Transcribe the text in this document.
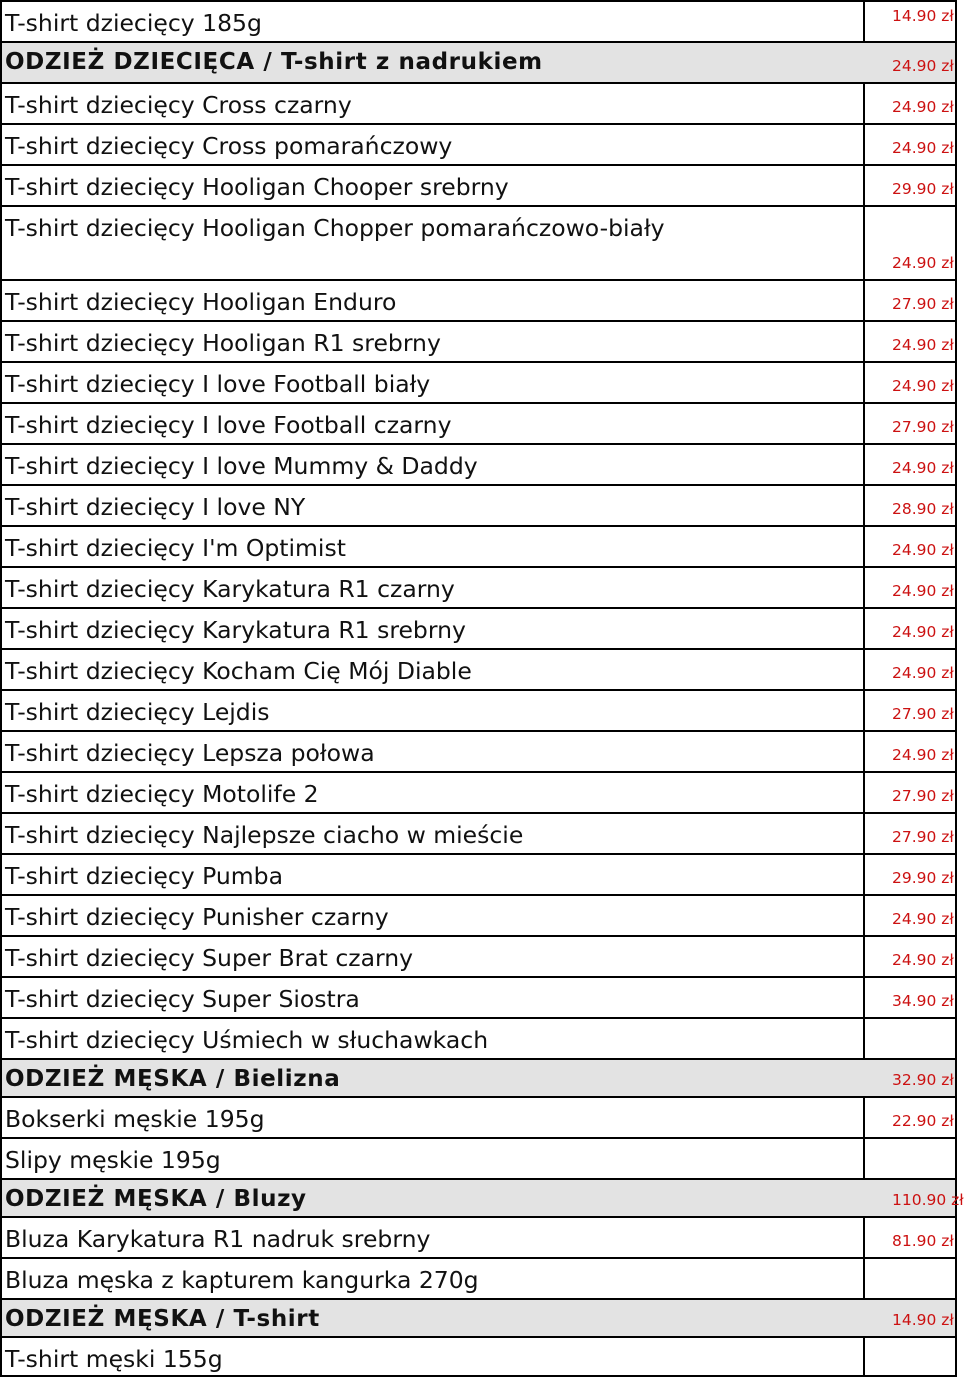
T-shirt dziecięcy 185g	14.90 zł
ODZIEŻ DZIECIĘCA / T-shirt z nadrukiem
T-shirt dziecięcy Cross czarny
24.90 zł
T-shirt dziecięcy Cross pomarańczowy
24.90 zł
T-shirt dziecięcy Hooligan Chooper srebrny
24.90 zł
T-shirt dziecięcy Hooligan Chopper pomarańczowo-biały
29.90 zł
T-shirt dziecięcy Hooligan Enduro
24.90 zł
T-shirt dziecięcy Hooligan R1 srebrny
27.90 zł
T-shirt dziecięcy I love Football biały
24.90 zł
T-shirt dziecięcy I love Football czarny
24.90 zł
T-shirt dziecięcy I love Mummy & Daddy
27.90 zł
T-shirt dziecięcy I love NY
24.90 zł
T-shirt dziecięcy I'm Optimist
28.90 zł
T-shirt dziecięcy Karykatura R1 czarny
24.90 zł
T-shirt dziecięcy Karykatura R1 srebrny
24.90 zł
T-shirt dziecięcy Kocham Cię Mój Diable
24.90 zł
T-shirt dziecięcy Lejdis
24.90 zł
T-shirt dziecięcy Lepsza połowa
27.90 zł
T-shirt dziecięcy Motolife 2
24.90 zł
T-shirt dziecięcy Najlepsze ciacho w mieście
27.90 zł
T-shirt dziecięcy Pumba
27.90 zł
T-shirt dziecięcy Punisher czarny
29.90 zł
T-shirt dziecięcy Super Brat czarny
24.90 zł
T-shirt dziecięcy Super Siostra
24.90 zł
T-shirt dziecięcy Uśmiech w słuchawkach
34.90 zł
ODZIEŻ MĘSKA / Bielizna
Bokserki męskie 195g
32.90 zł
Slipy męskie 195g
22.90 zł
ODZIEŻ MĘSKA / Bluzy
Bluza Karykatura R1 nadruk srebrny
110.90 zł
Bluza męska z kapturem kangurka 270g
81.90 zł
ODZIEŻ MĘSKA / T-shirt
T-shirt męski 155g
14.90 zł
